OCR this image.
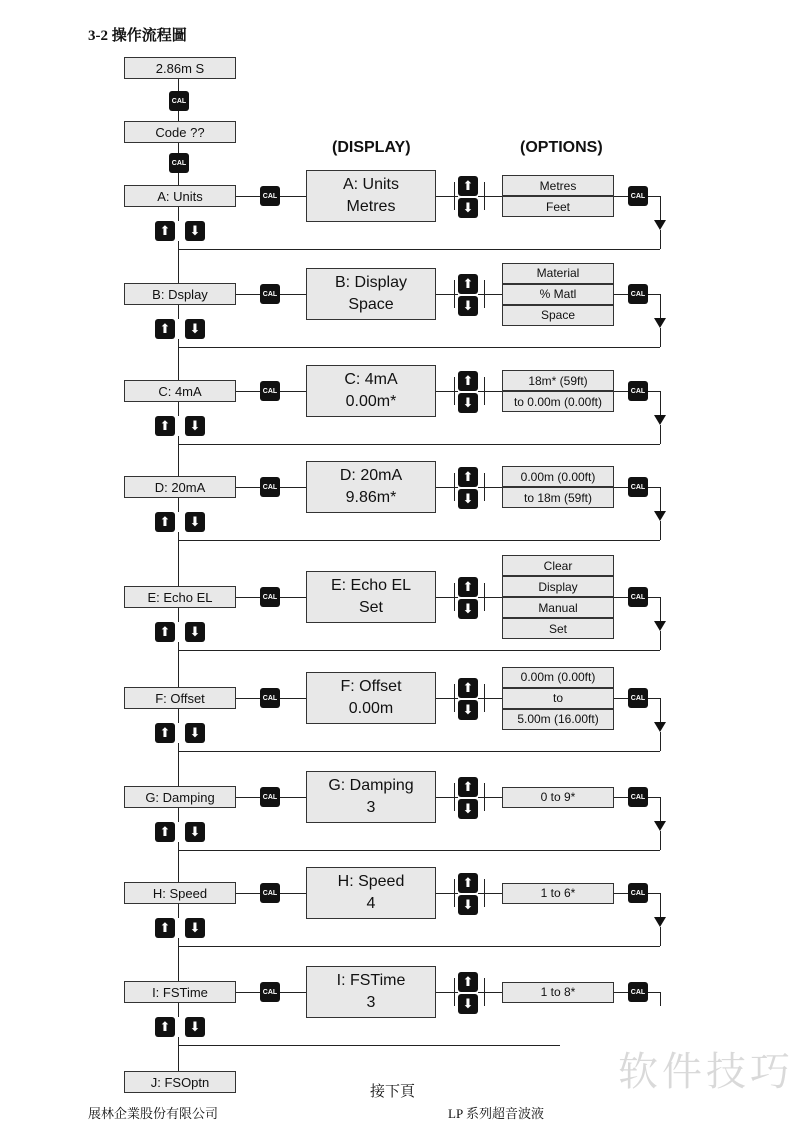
3-2 操作流程圖
2.86m S
CAL
Code ??
CAL
(DISPLAY)	(OPTIONS)
A: Units	CAL
A: Units
Metres
⬆
⬇
Metres
Feet
CAL
⬆	⬇
B: Dsplay	CAL
B: Display
Space
⬆
⬇
Material
% Matl
Space
CAL
⬆	⬇
C: 4mA	CAL
C: 4mA
0.00m*
⬆
⬇
18m* (59ft)
to 0.00m (0.00ft)
CAL
⬆	⬇
D: 20mA	CAL
D: 20mA
9.86m*
⬆
⬇
0.00m (0.00ft)
to 18m (59ft)
CAL
⬆	⬇
E: Echo EL	CAL
E: Echo EL
Set
⬆
⬇
Clear
Display
Manual
Set
CAL
⬆	⬇
F: Offset	CAL
F: Offset
0.00m
⬆
⬇
0.00m (0.00ft)
to
5.00m (16.00ft)
CAL
⬆	⬇
G: Damping	CAL
G: Damping
3
⬆
⬇
0 to 9*	CAL
⬆	⬇
H: Speed	CAL
H: Speed
4
⬆
⬇
1 to 6*	CAL
⬆	⬇
I: FSTime	CAL
I: FSTime
3
⬆
⬇
1 to 8*	CAL
⬆	⬇
J: FSOptn
接下頁
展林企業股份有限公司	LP 系列超音波液
软件技巧
